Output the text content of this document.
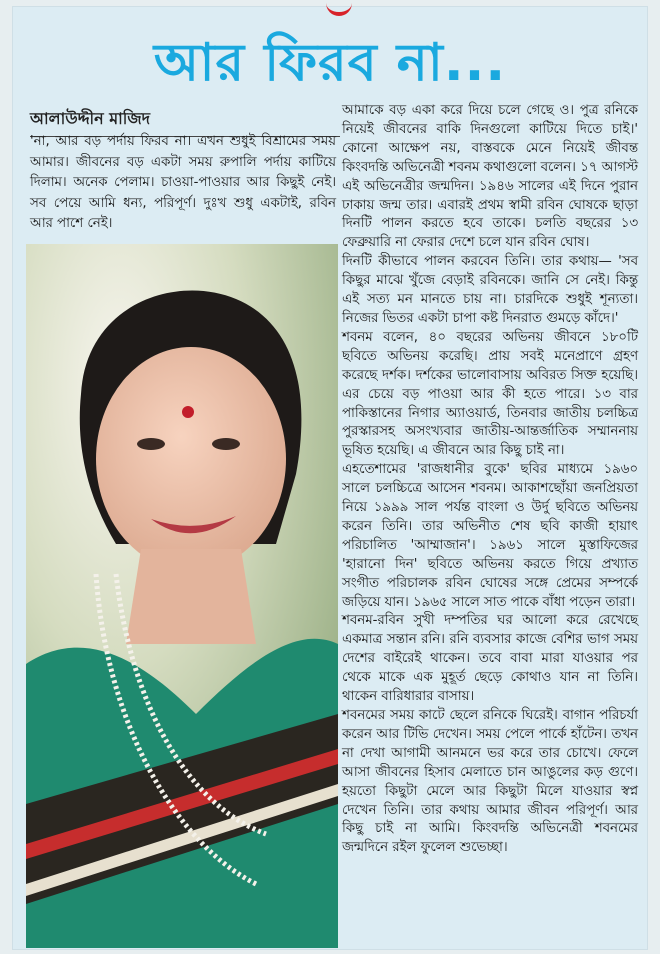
আর ফিরব না...
আলাউদ্দীন মাজিদ
'না, আর বড় পর্দায় ফিরব না। এখন শুধুই বিশ্রামের সময় আমার। জীবনের বড় একটা সময় রুপালি পর্দায় কাটিয়ে দিলাম। অনেক পেলাম। চাওয়া-পাওয়ার আর কিছুই নেই। সব পেয়ে আমি ধন্য, পরিপূর্ণ। দুঃখ শুধু একটাই, রবিন আর পাশে নেই।

আমাকে বড় একা করে দিয়ে চলে গেছে ও। পুত্র রনিকে নিয়েই জীবনের বাকি দিনগুলো কাটিয়ে দিতে চাই।' কোনো আক্ষেপ নয়, বাস্তবকে মেনে নিয়েই জীবন্ত কিংবদন্তি অভিনেত্রী শবনম কথাগুলো বলেন। ১৭ আগস্ট এই অভিনেত্রীর জন্মদিন। ১৯৪৬ সালের এই দিনে পুরান ঢাকায় জন্ম তার। এবারই প্রথম স্বামী রবিন ঘোষকে ছাড়া দিনটি পালন করতে হবে তাকে। চলতি বছরের ১৩ ফেব্রুয়ারি না ফেরার দেশে চলে যান রবিন ঘোষ।

দিনটি কীভাবে পালন করবেন তিনি। তার কথায়— 'সব কিছুর মাঝে খুঁজে বেড়াই রবিনকে। জানি সে নেই। কিন্তু এই সত্য মন মানতে চায় না। চারদিকে শুধুই শূন্যতা। নিজের ভিতর একটা চাপা কষ্ট দিনরাত গুমড়ে কাঁদে।'

শবনম বলেন, ৪০ বছরের অভিনয় জীবনে ১৮০টি ছবিতে অভিনয় করেছি। প্রায় সবই মনেপ্রাণে গ্রহণ করেছে দর্শক। দর্শকের ভালোবাসায় অবিরত সিক্ত হয়েছি। এর চেয়ে বড় পাওয়া আর কী হতে পারে। ১৩ বার পাকিস্তানের নিগার অ্যাওয়ার্ড, তিনবার জাতীয় চলচ্চিত্র পুরস্কারসহ অসংখ্যবার জাতীয়-আন্তর্জাতিক সম্মাননায় ভূষিত হয়েছি। এ জীবনে আর কিছু চাই না।

এহতেশামের 'রাজধানীর বুকে' ছবির মাধ্যমে ১৯৬০ সালে চলচ্চিত্রে আসেন শবনম। আকাশছোঁয়া জনপ্রিয়তা নিয়ে ১৯৯৯ সাল পর্যন্ত বাংলা ও উর্দু ছবিতে অভিনয় করেন তিনি। তার অভিনীত শেষ ছবি কাজী হায়াৎ পরিচালিত 'আম্মাজান'। ১৯৬১ সালে মুস্তাফিজের 'হারানো দিন' ছবিতে অভিনয় করতে গিয়ে প্রখ্যাত সংগীত পরিচালক রবিন ঘোষের সঙ্গে প্রেমের সম্পর্কে জড়িয়ে যান। ১৯৬৫ সালে সাত পাকে বাঁধা পড়েন তারা।

শবনম-রবিন সুখী দম্পতির ঘর আলো করে রেখেছে একমাত্র সন্তান রনি। রনি ব্যবসার কাজে বেশির ভাগ সময় দেশের বাইরেই থাকেন। তবে বাবা মারা যাওয়ার পর থেকে মাকে এক মুহূর্ত ছেড়ে কোথাও যান না তিনি। থাকেন বারিধারার বাসায়।

শবনমের সময় কাটে ছেলে রনিকে ঘিরেই। বাগান পরিচর্যা করেন আর টিভি দেখেন। সময় পেলে পার্কে হাঁটেন। তখন না দেখা আগামী আনমনে ভর করে তার চোখে। ফেলে আসা জীবনের হিসাব মেলাতে চান আঙুলের কড় গুণে। হয়তো কিছুটা মেলে আর কিছুটা মিলে যাওয়ার স্বপ্ন দেখেন তিনি। তার কথায় আমার জীবন পরিপূর্ণ। আর কিছু চাই না আমি। কিংবদন্তি অভিনেত্রী শবনমের জন্মদিনে রইল ফুলেল শুভেচ্ছা।
